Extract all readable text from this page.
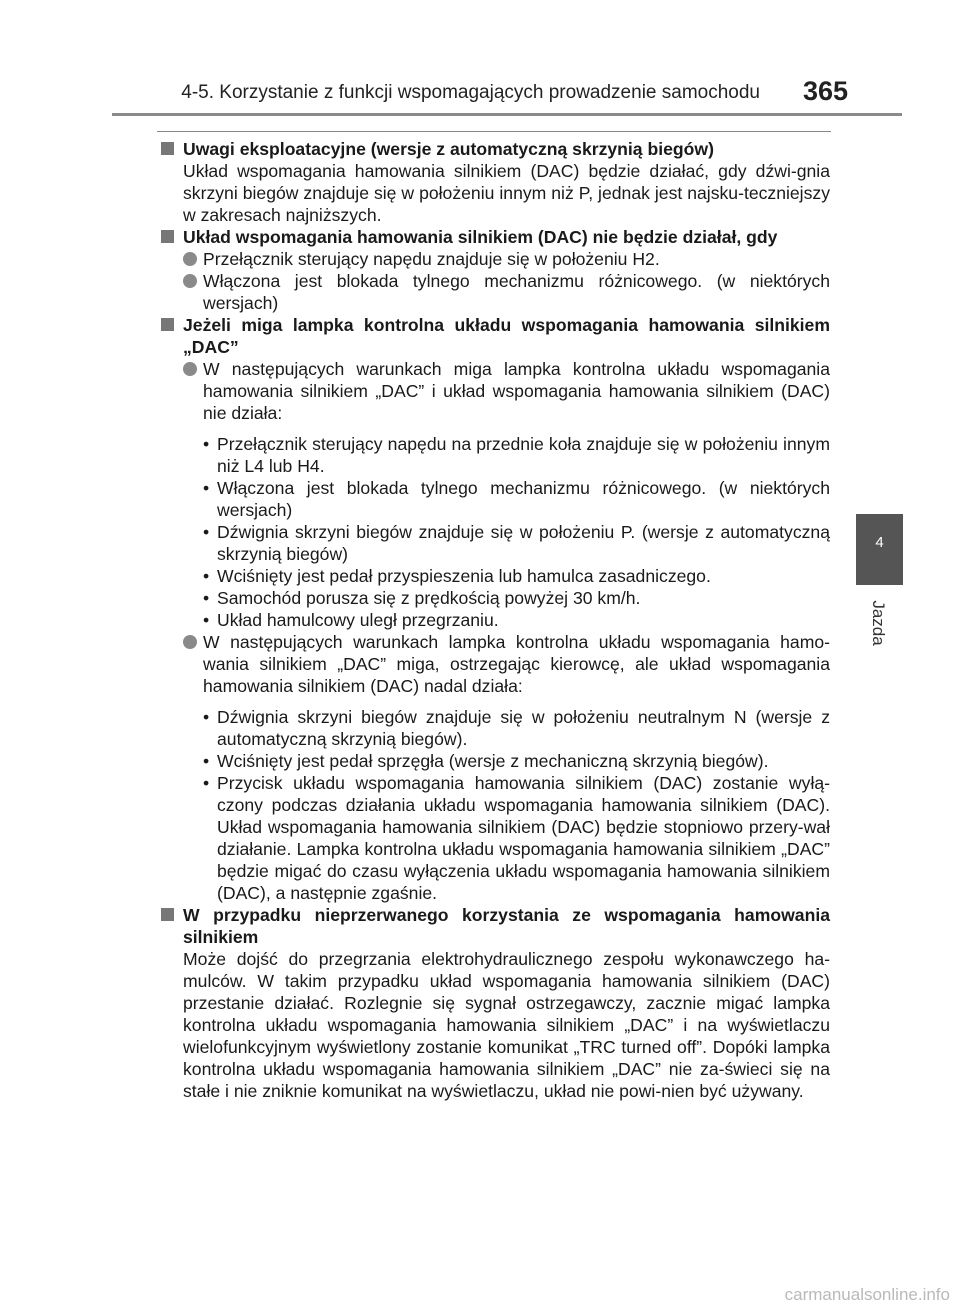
4-5. Korzystanie z funkcji wspomagających prowadzenie samochodu 365

Uwagi eksploatacyjne (wersje z automatyczną skrzynią biegów)

Układ wspomagania hamowania silnikiem (DAC) będzie działać, gdy dźwi-gnia skrzyni biegów znajduje się w położeniu innym niż P, jednak jest najsku-teczniejszy w zakresach najniższych.

Układ wspomagania hamowania silnikiem (DAC) nie będzie działał, gdy

Przełącznik sterujący napędu znajduje się w położeniu H2.

Włączona jest blokada tylnego mechanizmu różnicowego. (w niektórych wersjach)

Jeżeli miga lampka kontrolna układu wspomagania hamowania silnikiem „DAC”

W następujących warunkach miga lampka kontrolna układu wspomagania hamowania silnikiem „DAC” i układ wspomagania hamowania silnikiem (DAC) nie działa:

• Przełącznik sterujący napędu na przednie koła znajduje się w położeniu innym niż L4 lub H4.

• Włączona jest blokada tylnego mechanizmu różnicowego. (w niektórych wersjach)

• Dźwignia skrzyni biegów znajduje się w położeniu P. (wersje z automatyczną skrzynią biegów)

• Wciśnięty jest pedał przyspieszenia lub hamulca zasadniczego.

• Samochód porusza się z prędkością powyżej 30 km/h.

• Układ hamulcowy uległ przegrzaniu.

W następujących warunkach lampka kontrolna układu wspomagania hamo-wania silnikiem „DAC” miga, ostrzegając kierowcę, ale układ wspomagania hamowania silnikiem (DAC) nadal działa:

• Dźwignia skrzyni biegów znajduje się w położeniu neutralnym N (wersje z automatyczną skrzynią biegów).

• Wciśnięty jest pedał sprzęgła (wersje z mechaniczną skrzynią biegów).

• Przycisk układu wspomagania hamowania silnikiem (DAC) zostanie wyłą-czony podczas działania układu wspomagania hamowania silnikiem (DAC). Układ wspomagania hamowania silnikiem (DAC) będzie stopniowo przery-wał działanie. Lampka kontrolna układu wspomagania hamowania silnikiem „DAC” będzie migać do czasu wyłączenia układu wspomagania hamowania silnikiem (DAC), a następnie zgaśnie.

W przypadku nieprzerwanego korzystania ze wspomagania hamowania silnikiem

Może dojść do przegrzania elektrohydraulicznego zespołu wykonawczego ha-mulców. W takim przypadku układ wspomagania hamowania silnikiem (DAC) przestanie działać. Rozlegnie się sygnał ostrzegawczy, zacznie migać lampka kontrolna układu wspomagania hamowania silnikiem „DAC” i na wyświetlaczu wielofunkcyjnym wyświetlony zostanie komunikat „TRC turned off”. Dopóki lampka kontrolna układu wspomagania hamowania silnikiem „DAC” nie za-świeci się na stałe i nie zniknie komunikat na wyświetlaczu, układ nie powi-nien być używany.

4
Jazda
carmanualsonline.info
